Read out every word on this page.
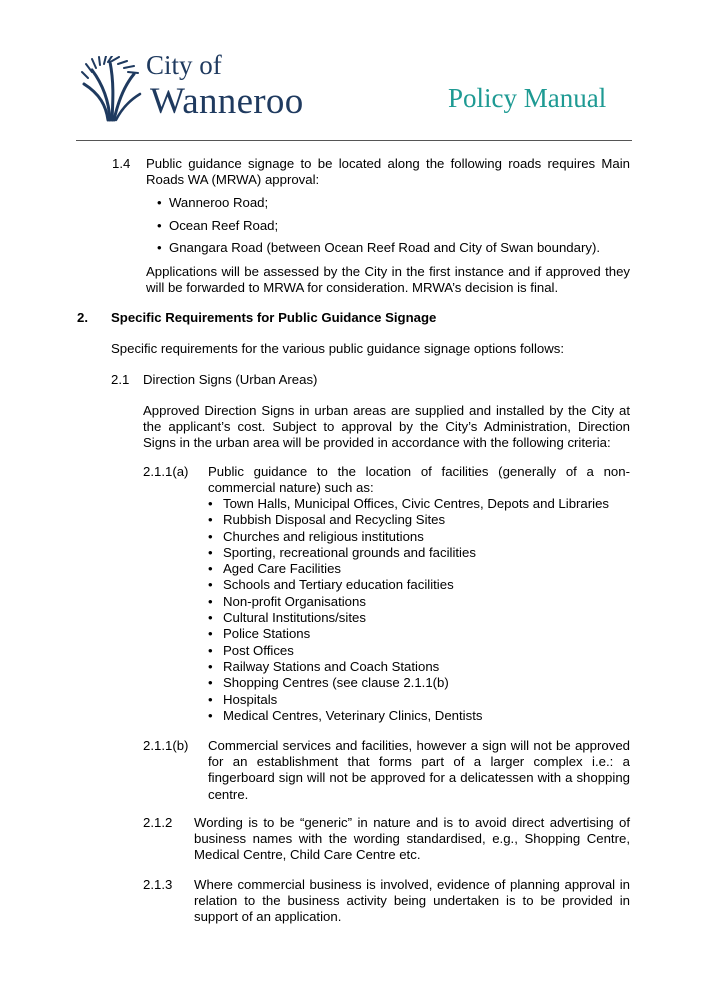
City of
Wanneroo	Policy Manual
1.4 Public guidance signage to be located along the following roads requires Main Roads WA (MRWA) approval:
•  Wanneroo Road;
•  Ocean Reef Road;
•  Gnangara Road (between Ocean Reef Road and City of Swan boundary).
Applications will be assessed by the City in the first instance and if approved they will be forwarded to MRWA for consideration. MRWA’s decision is final.
2. Specific Requirements for Public Guidance Signage
Specific requirements for the various public guidance signage options follows:
2.1 Direction Signs (Urban Areas)
Approved Direction Signs in urban areas are supplied and installed by the City at the applicant’s cost. Subject to approval by the City’s Administration, Direction Signs in the urban area will be provided in accordance with the following criteria:
2.1.1(a) Public guidance to the location of facilities (generally of a non-commercial nature) such as:
• Town Halls, Municipal Offices, Civic Centres, Depots and Libraries
• Rubbish Disposal and Recycling Sites
• Churches and religious institutions
• Sporting, recreational grounds and facilities
• Aged Care Facilities
• Schools and Tertiary education facilities
• Non-profit Organisations
• Cultural Institutions/sites
• Police Stations
• Post Offices
• Railway Stations and Coach Stations
• Shopping Centres (see clause 2.1.1(b)
• Hospitals
• Medical Centres, Veterinary Clinics, Dentists
2.1.1(b) Commercial services and facilities, however a sign will not be approved for an establishment that forms part of a larger complex i.e.: a fingerboard sign will not be approved for a delicatessen with a shopping centre.
2.1.2 Wording is to be “generic” in nature and is to avoid direct advertising of business names with the wording standardised, e.g., Shopping Centre, Medical Centre, Child Care Centre etc.
2.1.3 Where commercial business is involved, evidence of planning approval in relation to the business activity being undertaken is to be provided in support of an application.
